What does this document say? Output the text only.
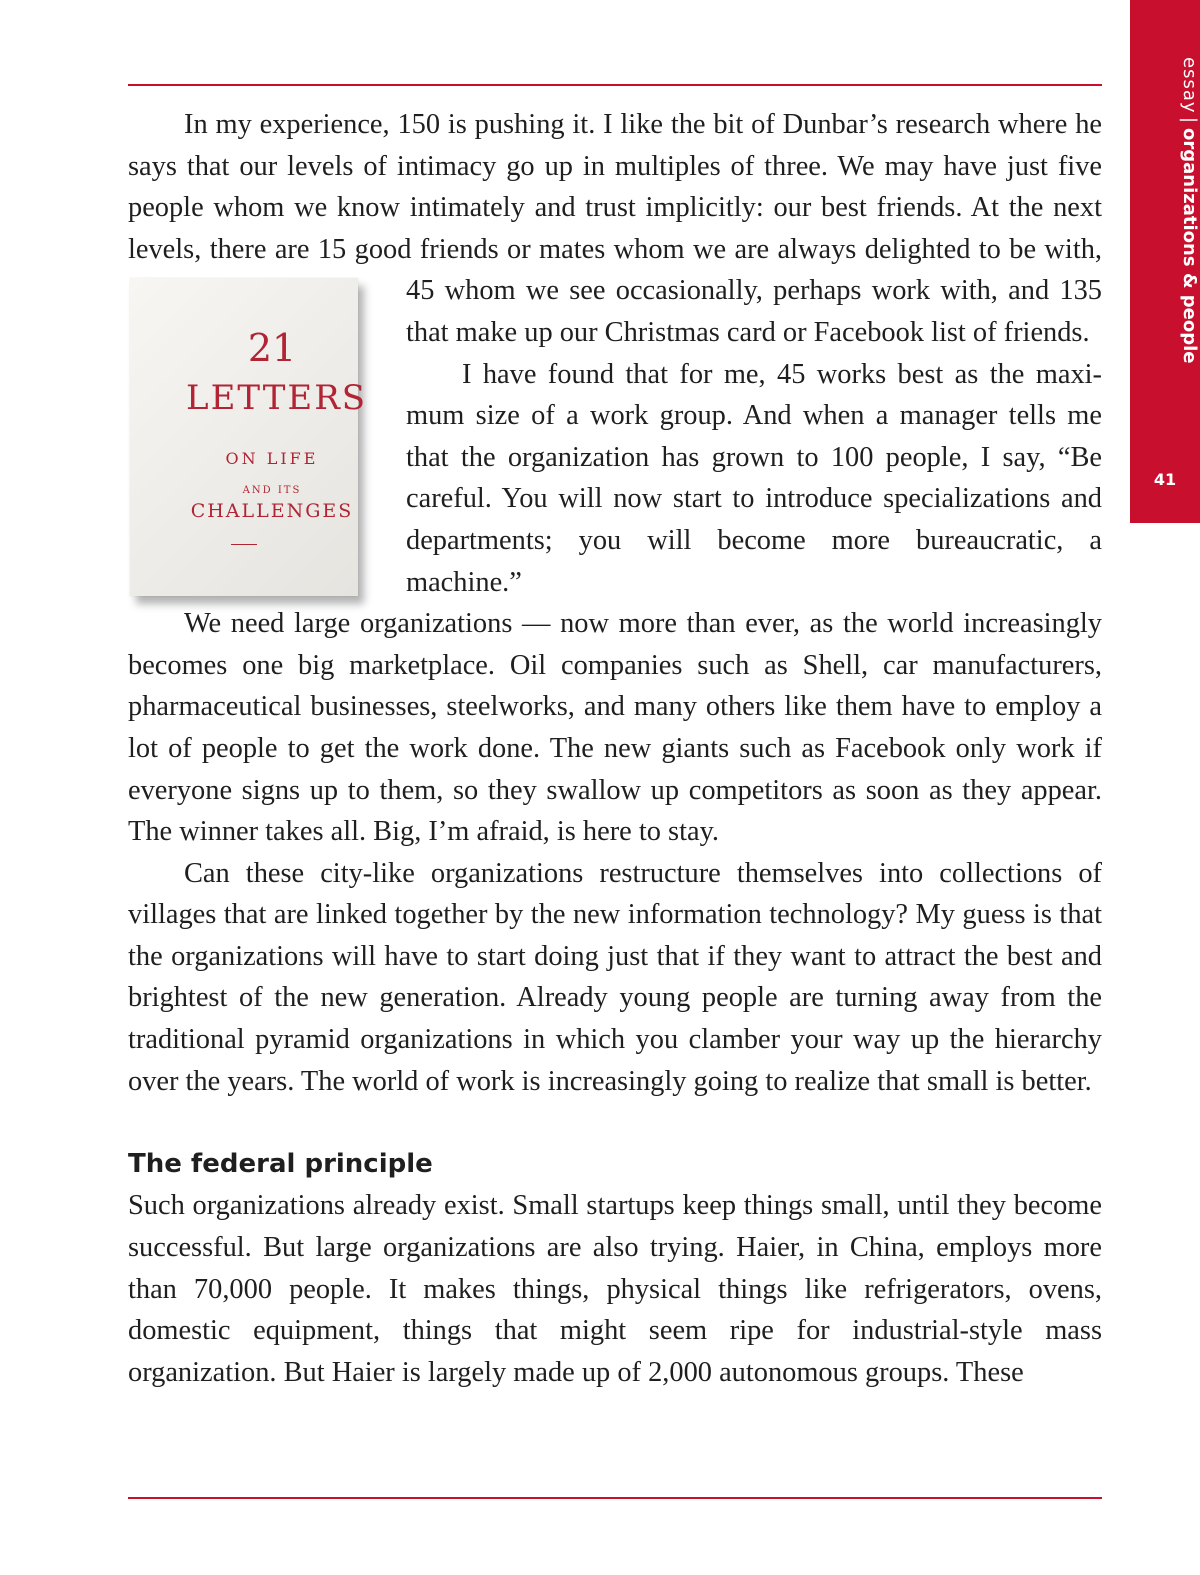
essay
|
organizations & people
41

In my experience, 150 is pushing it. I like the bit of Dunbar’s research where he says that our levels of intimacy go up in multiples of three. We may have just five people whom we know intimately and trust implicitly: our best friends. At the next levels, there are 15 good friends or mates whom we are always delighted
21
LETTERS
ON LIFE
AND ITS
CHALLENGES
to be with, 45 whom we see occasionally, perhaps work with, and 135 that make up our Christmas card or Facebook list of friends.

I have found that for me, 45 works best as the maximum size of a work group. And when a manager tells me that the organization has grown to 100 people, I say, “Be careful. You will now start to introduce specializations and departments; you will become more bureaucratic, a machine.”

We need large organizations — now more than ever, as the world increasingly becomes one big marketplace. Oil companies such as Shell, car manufacturers, pharmaceutical businesses, steelworks, and many others like them have to employ a lot of people to get the work done. The new giants such as Facebook only work if everyone signs up to them, so they swallow up competitors as soon as they appear. The winner takes all. Big, I’m afraid, is here to stay.

Can these city-like organizations restructure themselves into collections of villages that are linked together by the new information technology? My guess is that the organizations will have to start doing just that if they want to attract the best and brightest of the new generation. Already young people are turning away from the traditional pyramid organizations in which you clamber your way up the hierarchy over the years. The world of work is increasingly going to realize that small is better.

The federal principle

Such organizations already exist. Small startups keep things small, until they become successful. But large organizations are also trying. Haier, in China, employs more than 70,000 people. It makes things, physical things like refrigerators, ovens, domestic equipment, things that might seem ripe for industrial-style mass organization. But Haier is largely made up of 2,000 autonomous groups. These
